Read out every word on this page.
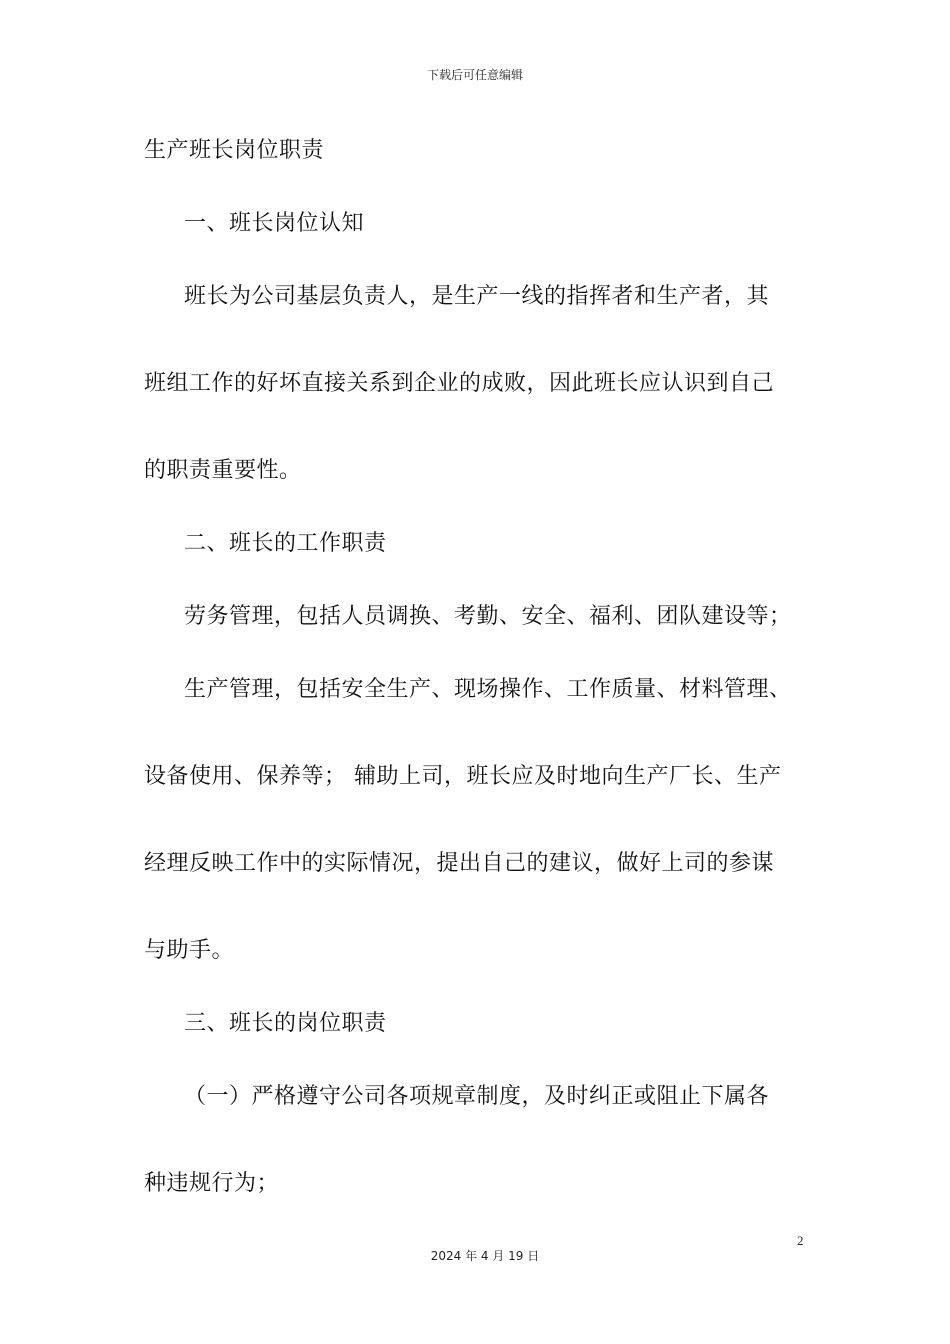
下载后可任意编辑
生产班长岗位职责
一、班长岗位认知
班长为公司基层负责人，是生产一线的指挥者和生产者，其
班组工作的好坏直接关系到企业的成败，因此班长应认识到自己
的职责重要性。
二、班长的工作职责
劳务管理，包括人员调换、考勤、安全、福利、团队建设等；
生产管理，包括安全生产、现场操作、工作质量、材料管理、
设备使用、保养等； 辅助上司，班长应及时地向生产厂长、生产
经理反映工作中的实际情况，提出自己的建议，做好上司的参谋
与助手。
三、班长的岗位职责
（一）严格遵守公司各项规章制度，及时纠正或阻止下属各
种违规行为；
2
2024 年 4 月 19 日
